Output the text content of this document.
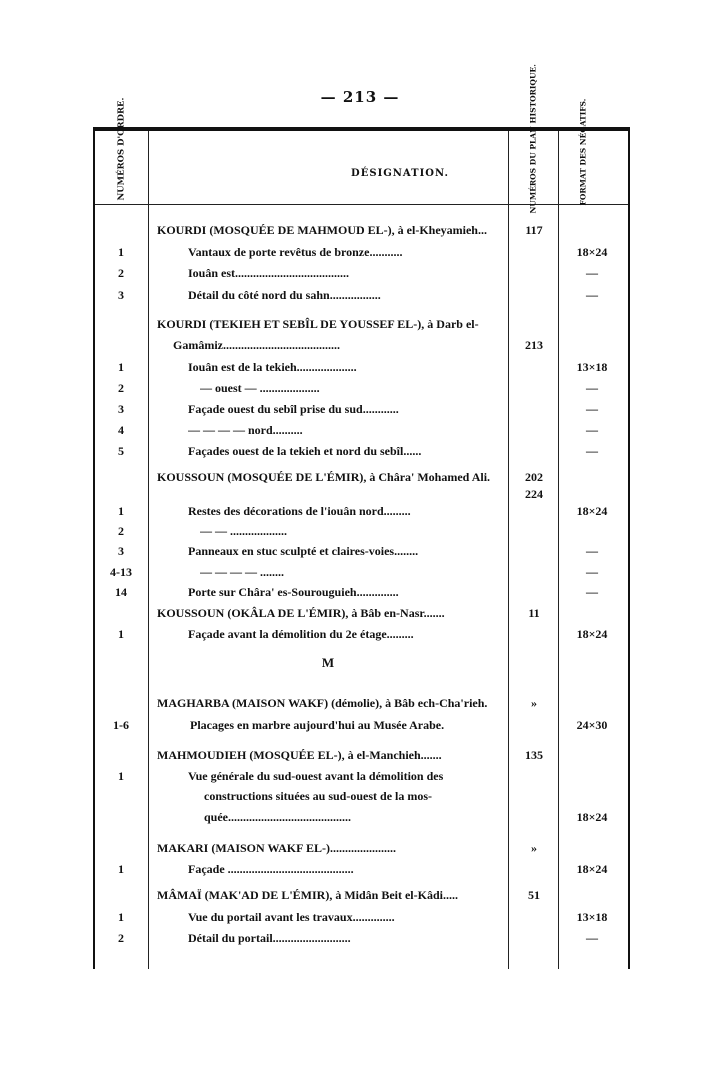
— 213 —
NUMÉROS D'ORDRE.	DÉSIGNATION.	NUMÉROS DU PLAN HISTORIQUE.	FORMAT DES NÉGATIFS.
KOURDI (MOSQUÉE DE MAHMOUD EL-), à el-Kheyamieh...	117
1	Vantaux de porte revêtus de bronze...........	18×24
2	Iouân est......................................	—
3	Détail du côté nord du sahn.................	—
KOURDI (TEKIEH ET SEBÎL DE YOUSSEF EL-), à Darb el-
Gamâmiz.......................................	213
1	Iouân est de la tekieh....................	13×18
2	— ouest — ....................	—
3	Façade ouest du sebîl prise du sud............	—
4	— — — — nord..........	—
5	Façades ouest de la tekieh et nord du sebîl......	—
KOUSSOUN (MOSQUÉE DE L'ÉMIR), à Châra' Mohamed Ali.	202
224
1	Restes des décorations de l'iouân nord.........	18×24
2	— — ...................
3	Panneaux en stuc sculpté et claires-voies........	—
4-13	— — — — ........	—
14	Porte sur Châra' es-Sourouguieh..............	—
KOUSSOUN (OKÂLA DE L'ÉMIR), à Bâb en-Nasr.......	11
1	Façade avant la démolition du 2e étage.........	18×24
M
MAGHARBA (MAISON WAKF) (démolie), à Bâb ech-Cha'rieh.	»
1-6	Placages en marbre aujourd'hui au Musée Arabe.	24×30
MAHMOUDIEH (MOSQUÉE EL-), à el-Manchieh.......	135
1	Vue générale du sud-ouest avant la démolition des
constructions situées au sud-ouest de la mos-
quée.........................................	18×24
MAKARI (MAISON WAKF EL-)......................	»
1	Façade ..........................................	18×24
MÂMAÏ (MAK'AD DE L'ÉMIR), à Midân Beit el-Kâdi.....	51
1	Vue du portail avant les travaux..............	13×18
2	Détail du portail..........................	—
